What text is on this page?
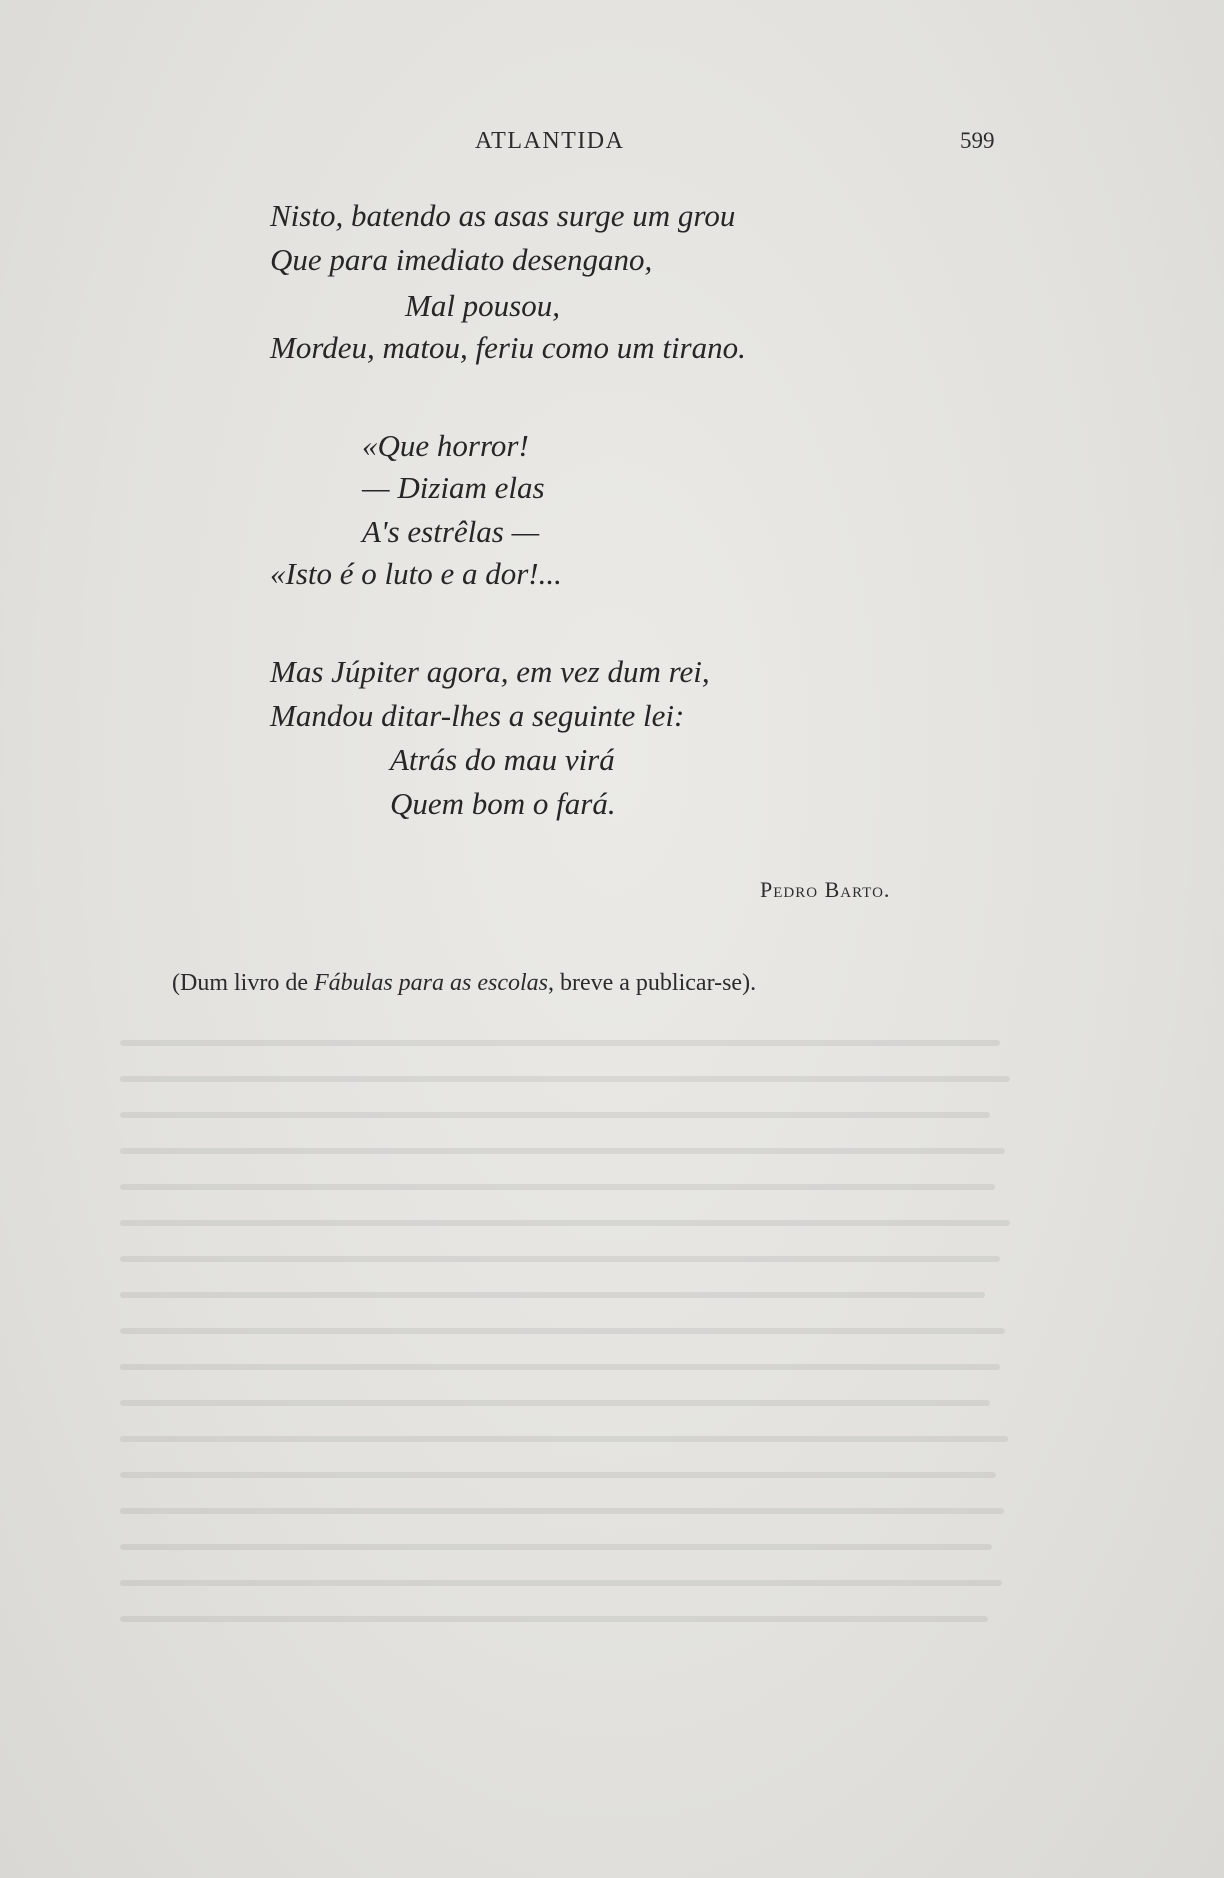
ATLANTIDA	599
Nisto, batendo as asas surge um grou
Que para imediato desengano,
Mal pousou,
Mordeu, matou, feriu como um tirano.
«Que horror!
— Diziam elas
A's estrêlas —
«Isto é o luto e a dor!...
Mas Júpiter agora, em vez dum rei,
Mandou ditar-lhes a seguinte lei:
Atrás do mau virá
Quem bom o fará.
Pedro Barto.
(Dum livro de Fábulas para as escolas, breve a publicar-se).
